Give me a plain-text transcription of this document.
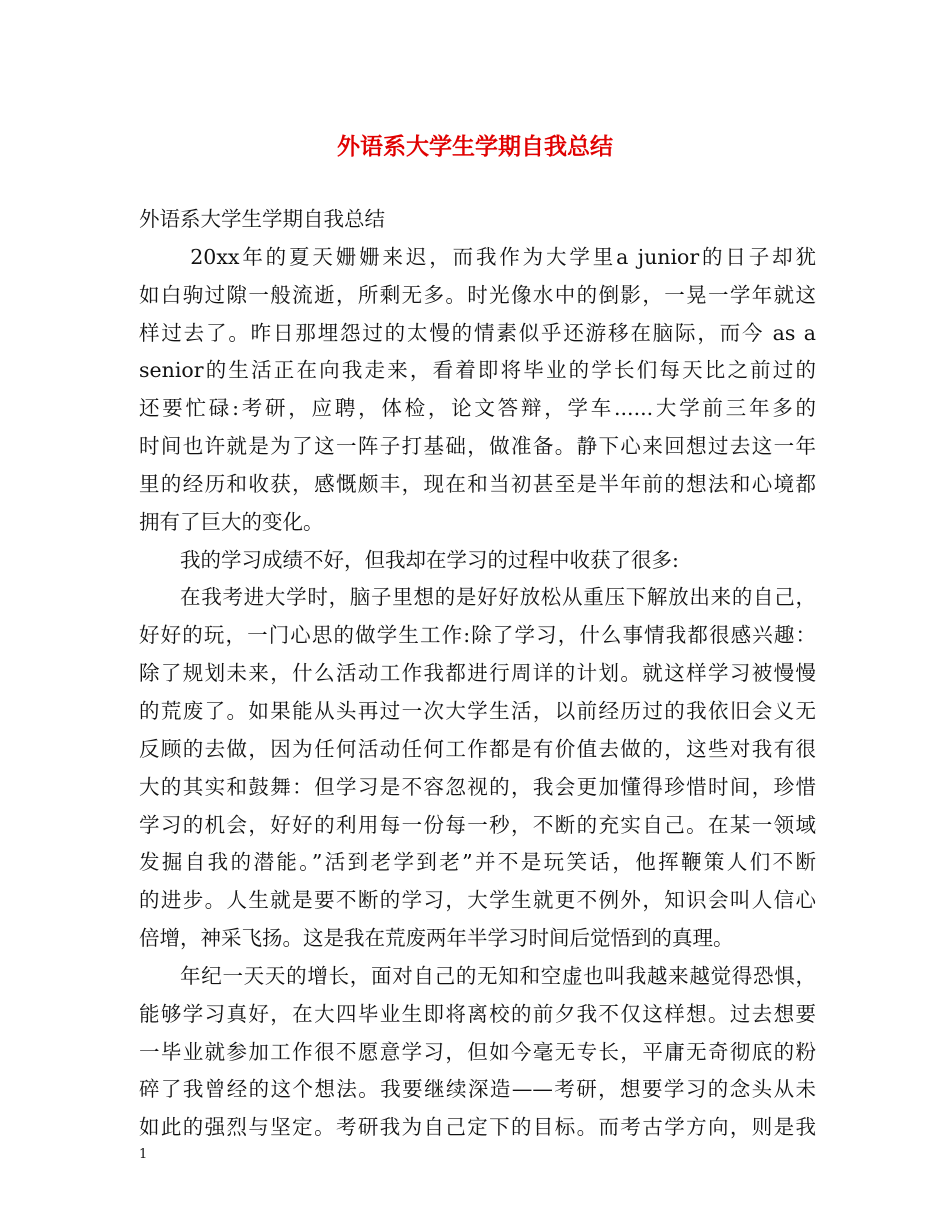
外语系大学生学期自我总结
外语系大学生学期自我总结
20xx年的夏天姗姗来迟，而我作为大学里a junior的日子却犹
如白驹过隙一般流逝，所剩无多。时光像水中的倒影，一晃一学年就这
样过去了。昨日那埋怨过的太慢的情素似乎还游移在脑际，而今 as a
senior的生活正在向我走来，看着即将毕业的学长们每天比之前过的
还要忙碌:考研，应聘，体检，论文答辩，学车......大学前三年多的
时间也许就是为了这一阵子打基础，做准备。静下心来回想过去这一年
里的经历和收获，感慨颇丰，现在和当初甚至是半年前的想法和心境都
拥有了巨大的变化。
我的学习成绩不好，但我却在学习的过程中收获了很多:
在我考进大学时，脑子里想的是好好放松从重压下解放出来的自己，
好好的玩，一门心思的做学生工作:除了学习，什么事情我都很感兴趣：
除了规划未来，什么活动工作我都进行周详的计划。就这样学习被慢慢
的荒废了。如果能从头再过一次大学生活，以前经历过的我依旧会义无
反顾的去做，因为任何活动任何工作都是有价值去做的，这些对我有很
大的其实和鼓舞：但学习是不容忽视的，我会更加懂得珍惜时间，珍惜
学习的机会，好好的利用每一份每一秒，不断的充实自己。在某一领域
发掘自我的潜能。”活到老学到老”并不是玩笑话，他挥鞭策人们不断
的进步。人生就是要不断的学习，大学生就更不例外，知识会叫人信心
倍增，神采飞扬。这是我在荒废两年半学习时间后觉悟到的真理。
年纪一天天的增长，面对自己的无知和空虚也叫我越来越觉得恐惧，
能够学习真好，在大四毕业生即将离校的前夕我不仅这样想。过去想要
一毕业就参加工作很不愿意学习，但如今毫无专长，平庸无奇彻底的粉
碎了我曾经的这个想法。我要继续深造——考研，想要学习的念头从未
如此的强烈与坚定。考研我为自己定下的目标。而考古学方向，则是我
1
